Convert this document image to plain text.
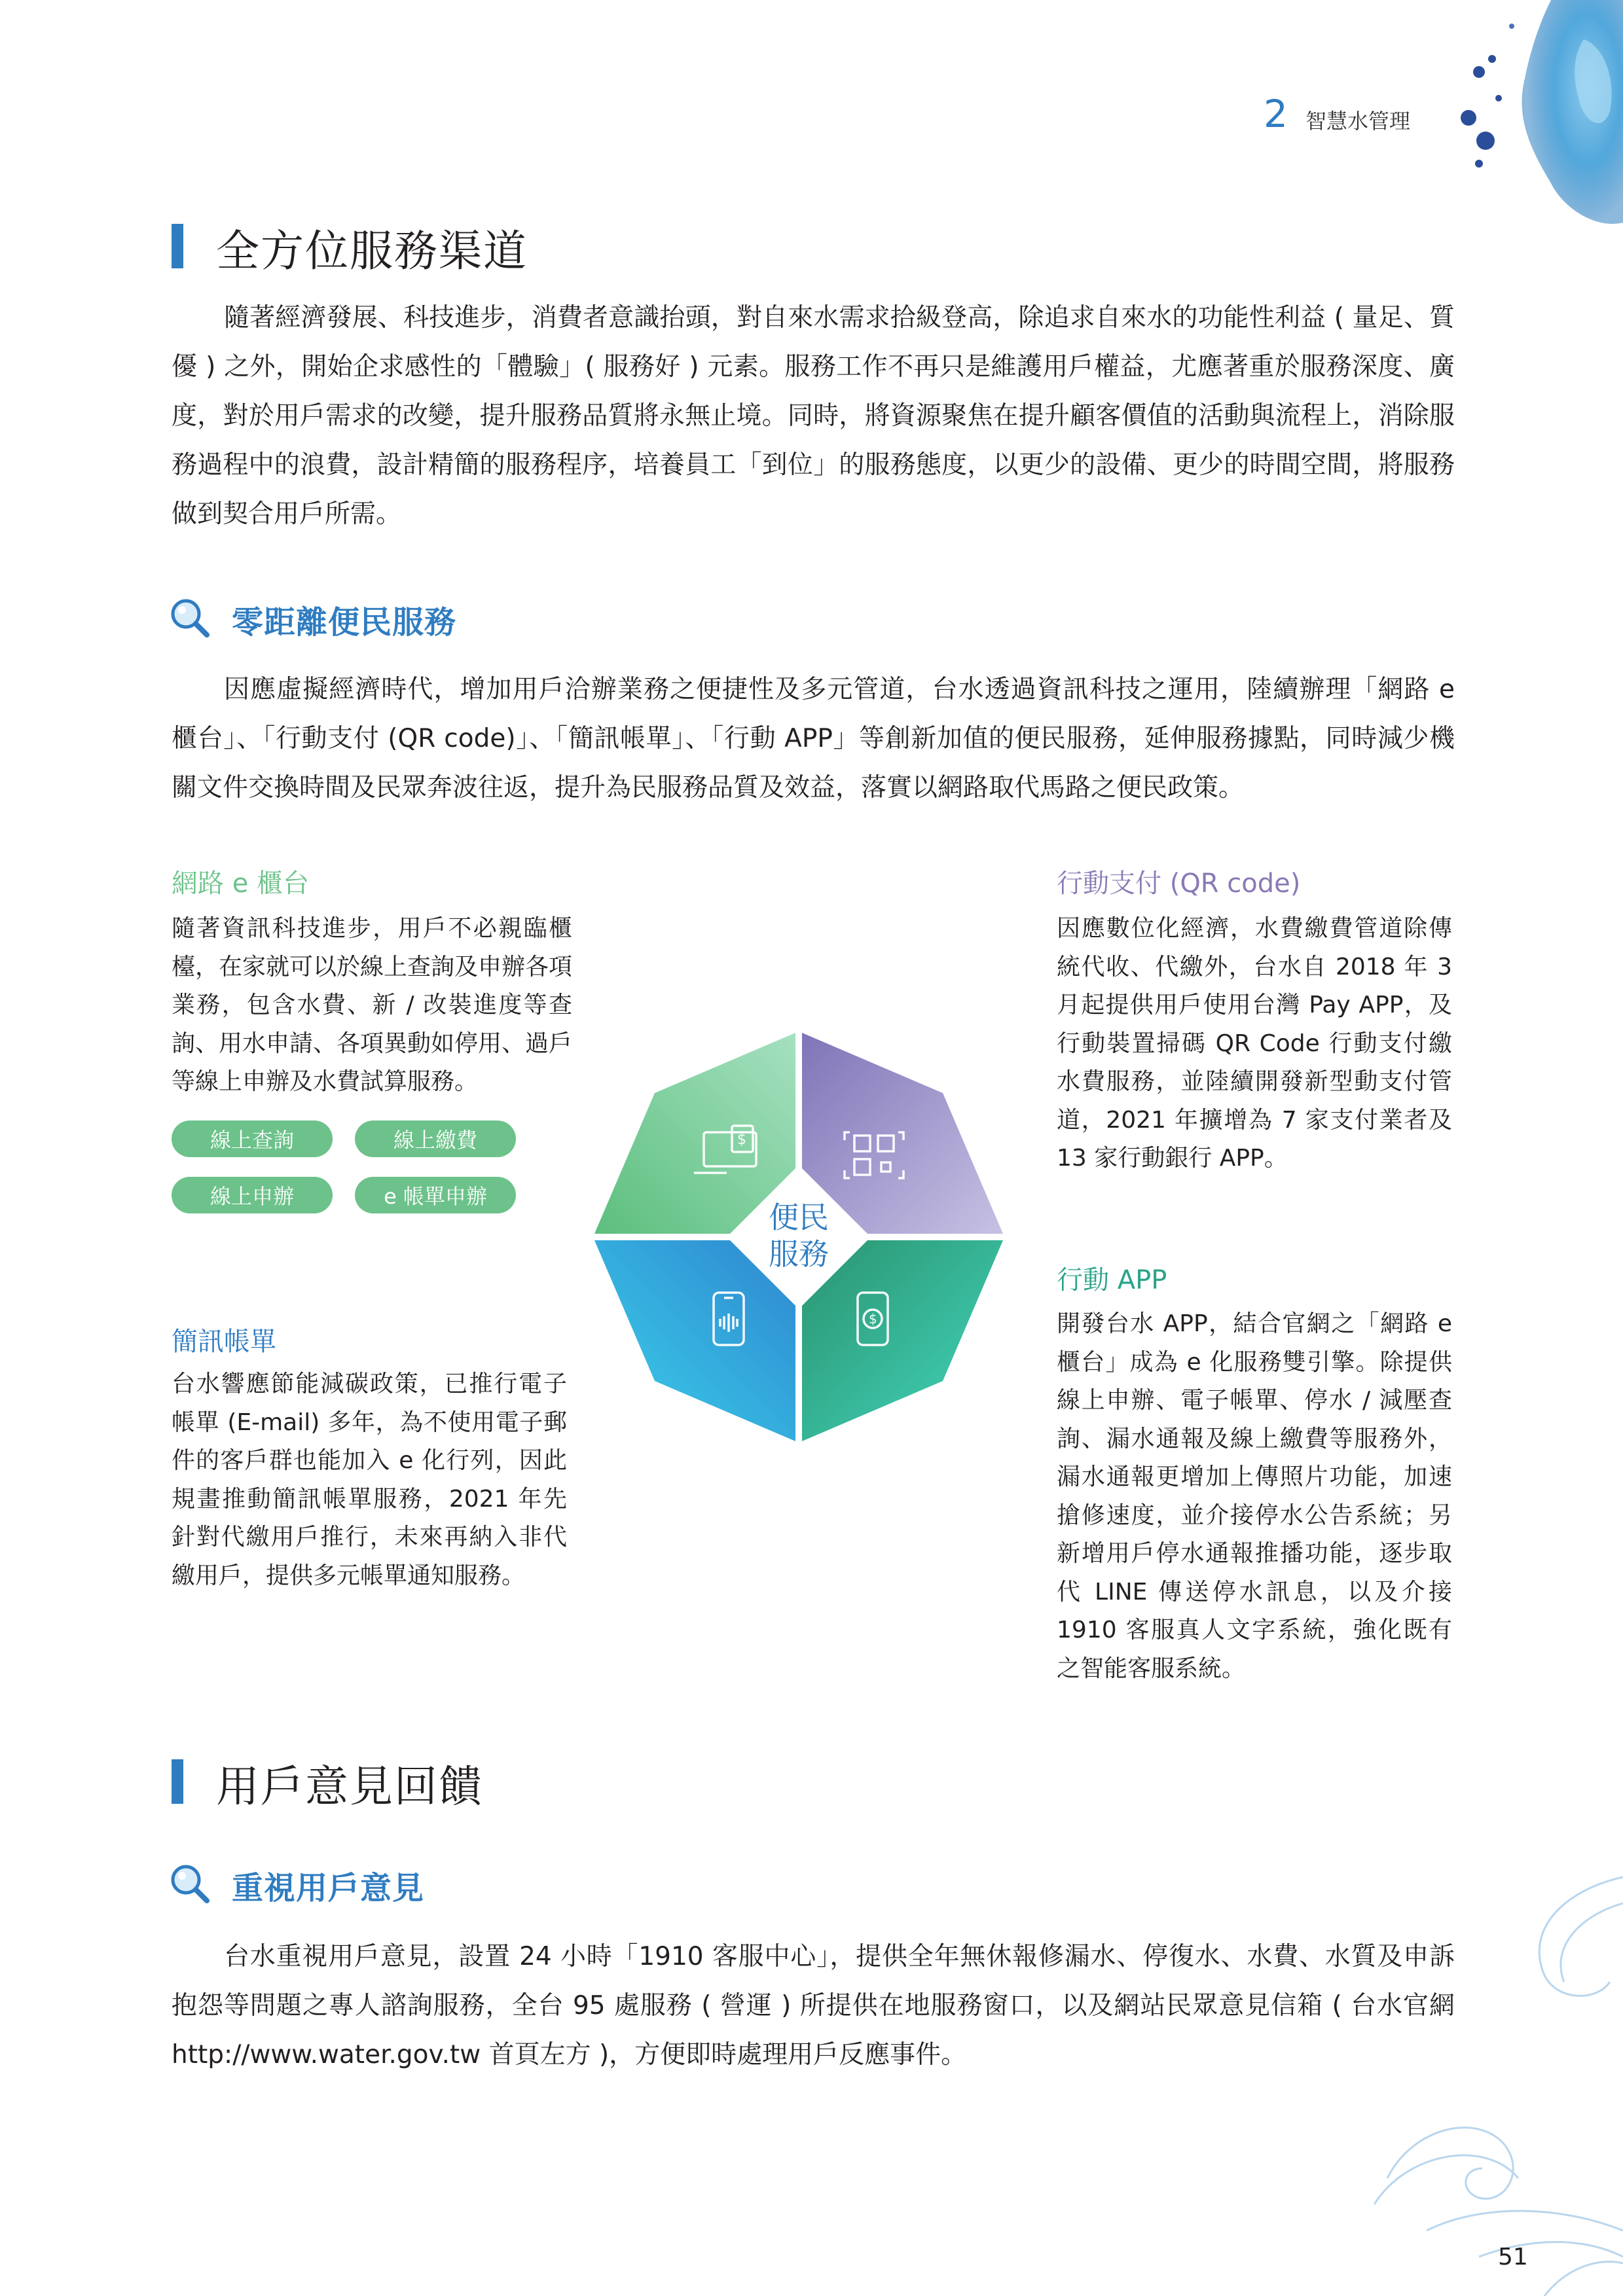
2 智慧水管理
全方位服務渠道

隨著經濟發展、科技進步，消費者意識抬頭，對自來水需求拾級登高，除追求自來水的功能性利益 ( 量足、質優 ) 之外，開始企求感性的「體驗」( 服務好 ) 元素。服務工作不再只是維護用戶權益，尤應著重於服務深度、廣度，對於用戶需求的改變，提升服務品質將永無止境。同時，將資源聚焦在提升顧客價值的活動與流程上，消除服務過程中的浪費，設計精簡的服務程序，培養員工「到位」的服務態度，以更少的設備、更少的時間空間，將服務做到契合用戶所需。

零距離便民服務

因應虛擬經濟時代，增加用戶洽辦業務之便捷性及多元管道，台水透過資訊科技之運用，陸續辦理「網路 e 櫃台」、「行動支付 (QR code)」、「簡訊帳單」、「行動 APP」等創新加值的便民服務，延伸服務據點，同時減少機關文件交換時間及民眾奔波往返，提升為民服務品質及效益，落實以網路取代馬路之便民政策。

網路 e 櫃台

隨著資訊科技進步，用戶不必親臨櫃檯，在家就可以於線上查詢及申辦各項業務，包含水費、新 / 改裝進度等查詢、用水申請、各項異動如停用、過戶等線上申辦及水費試算服務。

線上查詢	線上繳費
線上申辦	e 帳單申辦
行動支付 (QR code)

因應數位化經濟，水費繳費管道除傳統代收、代繳外，台水自 2018 年 3 月起提供用戶使用台灣 Pay APP，及行動裝置掃碼 QR Code 行動支付繳水費服務，並陸續開發新型動支付管道，2021 年擴增為 7 家支付業者及 13 家行動銀行 APP。

簡訊帳單

台水響應節能減碳政策，已推行電子帳單 (E-mail) 多年，為不使用電子郵件的客戶群也能加入 e 化行列，因此規畫推動簡訊帳單服務，2021 年先針對代繳用戶推行，未來再納入非代繳用戶，提供多元帳單通知服務。

行動 APP

開發台水 APP，結合官網之「網路 e 櫃台」成為 e 化服務雙引擎。除提供線上申辦、電子帳單、停水 / 減壓查詢、漏水通報及線上繳費等服務外，漏水通報更增加上傳照片功能，加速搶修速度，並介接停水公告系統；另新增用戶停水通報推播功能，逐步取代 LINE 傳送停水訊息，以及介接 1910 客服真人文字系統，強化既有之智能客服系統。

$
$
便民
服務
用戶意見回饋
重視用戶意見

台水重視用戶意見，設置 24 小時「1910 客服中心」，提供全年無休報修漏水、停復水、水費、水質及申訴抱怨等問題之專人諮詢服務，全台 95 處服務 ( 營運 ) 所提供在地服務窗口，以及網站民眾意見信箱 ( 台水官網 http://www.water.gov.tw 首頁左方 )，方便即時處理用戶反應事件。

51
